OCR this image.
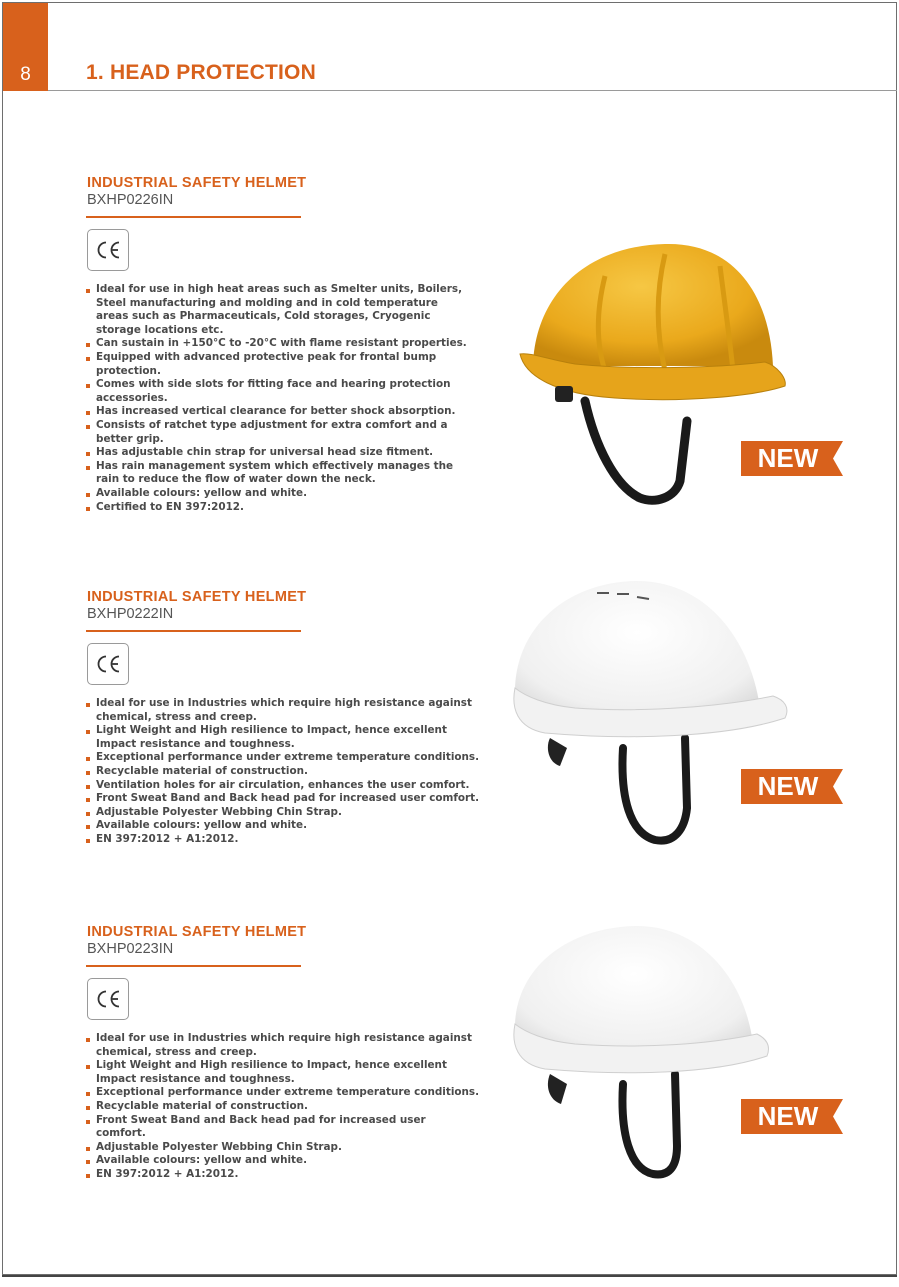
8	1. HEAD PROTECTION
INDUSTRIAL SAFETY HELMET
BXHP0226IN
Ideal for use in high heat areas such as Smelter units, Boilers,
Steel manufacturing and molding and in cold temperature
areas such as Pharmaceuticals, Cold storages, Cryogenic
storage locations etc.
Can sustain in +150°C to -20°C with flame resistant properties.
Equipped with advanced protective peak for frontal bump
protection.
Comes with side slots for fitting face and hearing protection
accessories.
Has increased vertical clearance for better shock absorption.
Consists of ratchet type adjustment for extra comfort and a
better grip.
Has adjustable chin strap for universal head size fitment.
Has rain management system which effectively manages the
rain to reduce the flow of water down the neck.
Available colours: yellow and white.
Certified to EN 397:2012.
NEW
INDUSTRIAL SAFETY HELMET
BXHP0222IN
Ideal for use in Industries which require high resistance against
chemical, stress and creep.
Light Weight and High resilience to Impact, hence excellent
Impact resistance and toughness.
Exceptional performance under extreme temperature conditions.
Recyclable material of construction.
Ventilation holes for air circulation, enhances the user comfort.
Front Sweat Band and Back head pad for increased user comfort.
Adjustable Polyester Webbing Chin Strap.
Available colours: yellow and white.
EN 397:2012 + A1:2012.
NEW
INDUSTRIAL SAFETY HELMET
BXHP0223IN
Ideal for use in Industries which require high resistance against
chemical, stress and creep.
Light Weight and High resilience to Impact, hence excellent
Impact resistance and toughness.
Exceptional performance under extreme temperature conditions.
Recyclable material of construction.
Front Sweat Band and Back head pad for increased user
comfort.
Adjustable Polyester Webbing Chin Strap.
Available colours: yellow and white.
EN 397:2012 + A1:2012.
NEW
